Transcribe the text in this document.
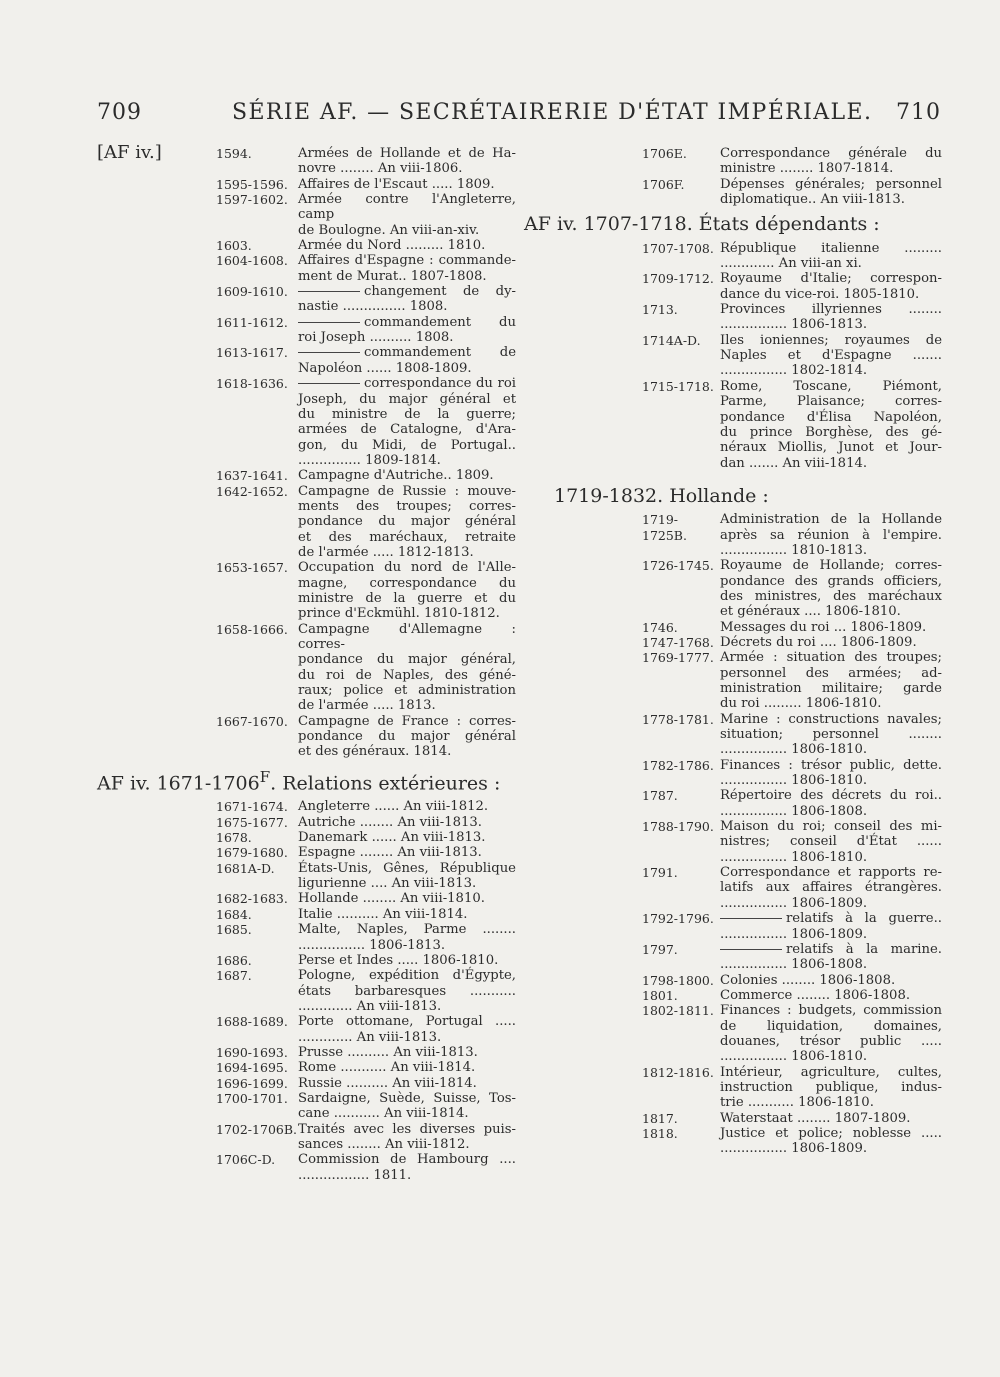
709	SÉRIE AF. — SECRÉTAIRERIE D'ÉTAT IMPÉRIALE. 710
[AF iv.]	1594.	Armées de Hollande et de Ha-
novre ........ An viii-1806.
1595-1596. Affaires de l'Escaut ..... 1809.
1597-1602. Armée contre l'Angleterre, camp
de Boulogne. An viii-an-xiv.
1603.	Armée du Nord ......... 1810.
1604-1608. Affaires d'Espagne : commande-
ment de Murat.. 1807-1808.
1609-1610.	changement de dy-
nastie ............... 1808.
1611-1612.	commandement du
roi Joseph .......... 1808.
1613-1617.	commandement de
Napoléon ...... 1808-1809.
1618-1636.	correspondance du roi
Joseph, du major général et
du ministre de la guerre;
armées de Catalogne, d'Ara-
gon, du Midi, de Portugal..
............... 1809-1814.
1637-1641. Campagne d'Autriche.. 1809.
1642-1652. Campagne de Russie : mouve-
ments des troupes; corres-
pondance du major général
et des maréchaux, retraite
de l'armée ..... 1812-1813.
1653-1657. Occupation du nord de l'Alle-
magne, correspondance du
ministre de la guerre et du
prince d'Eckmühl. 1810-1812.
1658-1666. Campagne d'Allemagne : corres-
pondance du major général,
du roi de Naples, des géné-
raux; police et administration
de l'armée ..... 1813.
1667-1670. Campagne de France : corres-
pondance du major général
et des généraux. 1814.
AF iv. $1671-1706^F$. Relations extérieures :
1671-1674. Angleterre ...... An viii-1812.
1675-1677. Autriche ........ An viii-1813.
1678.	Danemark ...... An viii-1813.
1679-1680. Espagne ........ An viii-1813.
1681A-D.	États-Unis, Gênes, République
ligurienne .... An viii-1813.
1682-1683. Hollande ........ An viii-1810.
1684.	Italie .......... An viii-1814.
1685.	Malte, Naples, Parme ........
................ 1806-1813.
1686.	Perse et Indes ..... 1806-1810.
1687.	Pologne, expédition d'Égypte,
états barbaresques ...........
............. An viii-1813.
1688-1689. Porte ottomane, Portugal .....
............. An viii-1813.
1690-1693. Prusse .......... An viii-1813.
1694-1695. Rome ........... An viii-1814.
1696-1699. Russie .......... An viii-1814.
1700-1701. Sardaigne, Suède, Suisse, Tos-
cane ........... An viii-1814.
1702-1706B. Traités avec les diverses puis-
sances ........ An viii-1812.
1706C-D.	Commission de Hambourg ....
................. 1811.
1706E.	Correspondance générale du
ministre ........ 1807-1814.
1706F.	Dépenses générales; personnel
diplomatique.. An viii-1813.
AF iv. 1707-1718. États dépendants :
1707-1708. République italienne .........
............. An viii-an xi.
1709-1712. Royaume d'Italie; correspon-
dance du vice-roi. 1805-1810.
1713.	Provinces illyriennes ........
................ 1806-1813.
1714A-D.	Iles ioniennes; royaumes de
Naples et d'Espagne .......
................ 1802-1814.
1715-1718. Rome, Toscane, Piémont,
Parme, Plaisance; corres-
pondance d'Élisa Napoléon,
du prince Borghèse, des gé-
néraux Miollis, Junot et Jour-
dan ....... An viii-1814.
1719-1832. Hollande :
1719-1725B.
Administration de la Hollande
après sa réunion à l'empire.
................ 1810-1813.
1726-1745. Royaume de Hollande; corres-
pondance des grands officiers,
des ministres, des maréchaux
et généraux .... 1806-1810.
1746.	Messages du roi ... 1806-1809.
1747-1768. Décrets du roi .... 1806-1809.
1769-1777. Armée : situation des troupes;
personnel des armées; ad-
ministration militaire; garde
du roi ......... 1806-1810.
1778-1781. Marine : constructions navales;
situation; personnel ........
................ 1806-1810.
1782-1786. Finances : trésor public, dette.
................ 1806-1810.
1787.	Répertoire des décrets du roi..
................ 1806-1808.
1788-1790. Maison du roi; conseil des mi-
nistres; conseil d'État ......
................ 1806-1810.
1791.	Correspondance et rapports re-
latifs aux affaires étrangères.
................ 1806-1809.
1792-1796.	relatifs à la guerre..
................ 1806-1809.
1797.	relatifs à la marine.
................ 1806-1808.
1798-1800. Colonies ........ 1806-1808.
1801.	Commerce ........ 1806-1808.
1802-1811. Finances : budgets, commission
de liquidation, domaines,
douanes, trésor public .....
................ 1806-1810.
1812-1816. Intérieur, agriculture, cultes,
instruction publique, indus-
trie ........... 1806-1810.
1817.	Waterstaat ........ 1807-1809.
1818.	Justice et police; noblesse .....
................ 1806-1809.
